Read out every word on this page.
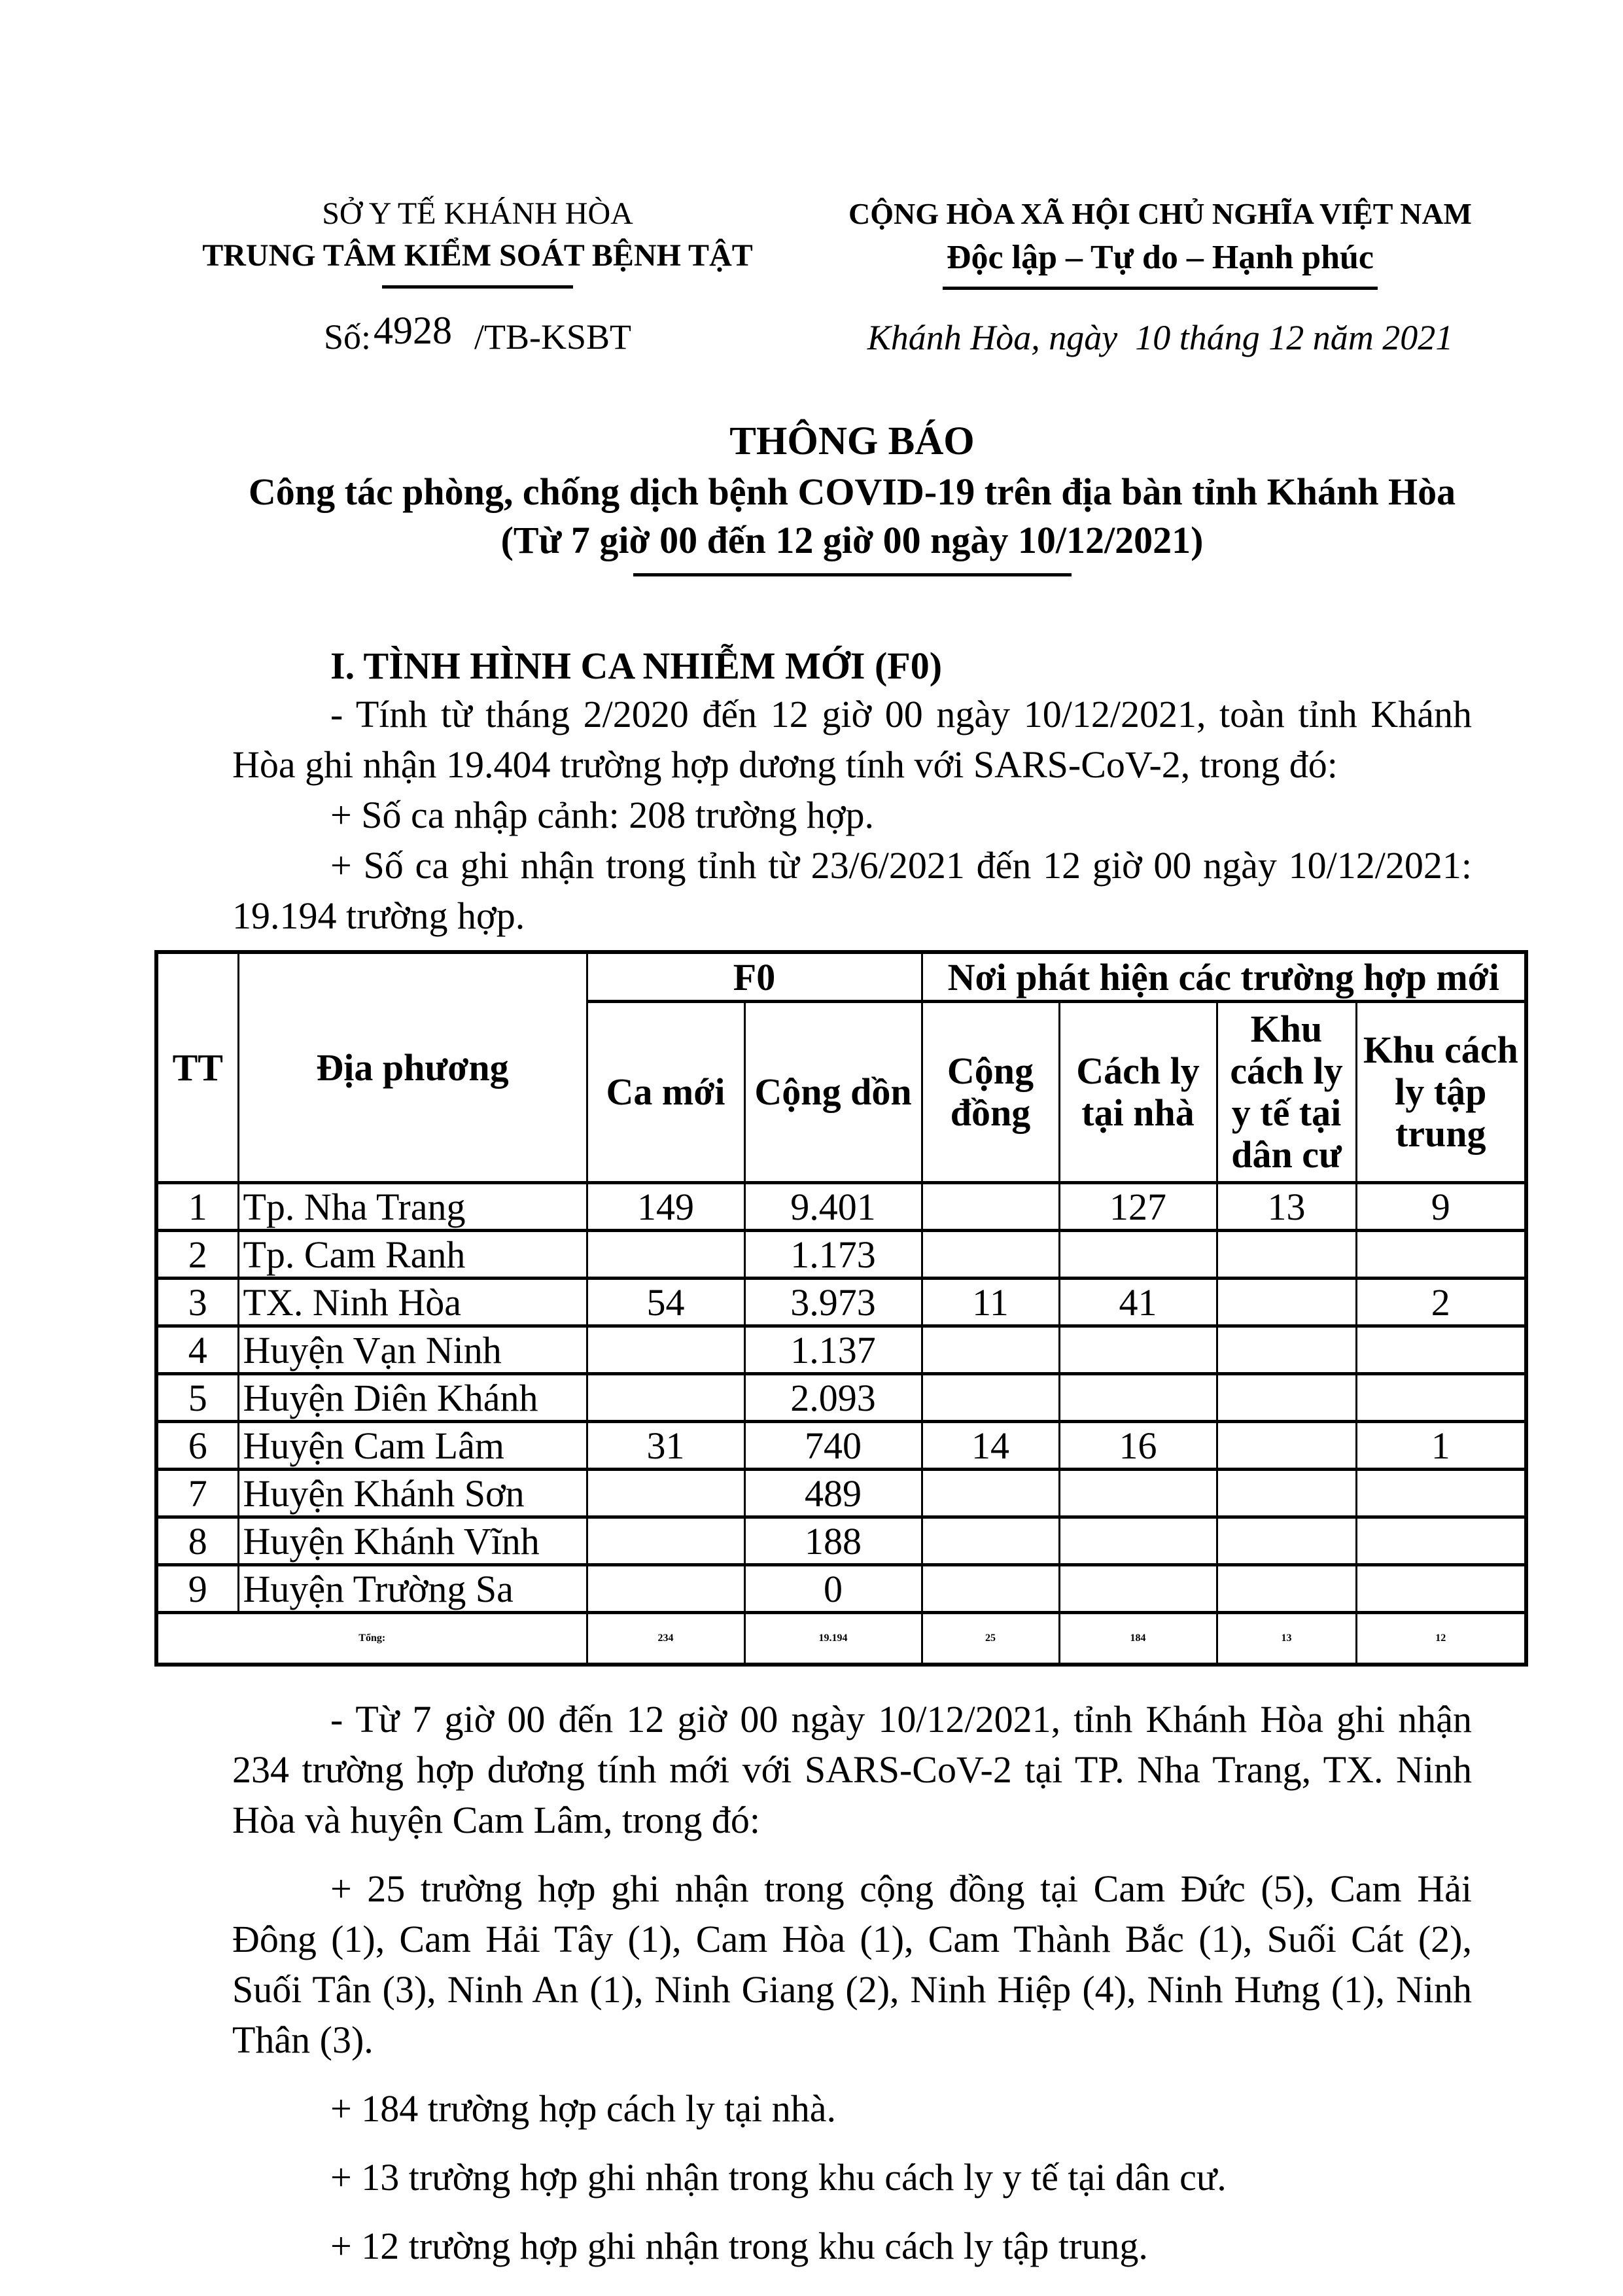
SỞ Y TẾ KHÁNH HÒA
TRUNG TÂM KIỂM SOÁT BỆNH TẬT
Số:4928 /TB-KSBT
CỘNG HÒA XÃ HỘI CHỦ NGHĨA VIỆT NAM
Độc lập – Tự do – Hạnh phúc
Khánh Hòa, ngày  10 tháng 12 năm 2021
THÔNG BÁO
Công tác phòng, chống dịch bệnh COVID-19 trên địa bàn tỉnh Khánh Hòa
(Từ 7 giờ 00 đến 12 giờ 00 ngày 10/12/2021)
I. TÌNH HÌNH CA NHIỄM MỚI (F0)

- Tính từ tháng 2/2020 đến 12 giờ 00 ngày 10/12/2021, toàn tỉnh Khánh Hòa ghi nhận 19.404 trường hợp dương tính với SARS-CoV-2, trong đó:

+ Số ca nhập cảnh: 208 trường hợp.

+ Số ca ghi nhận trong tỉnh từ 23/6/2021 đến 12 giờ 00 ngày 10/12/2021: 19.194 trường hợp.

TT	Địa phương	F0		Nơi phát hiện các trường hợp mới			
		Ca mới	Cộng dồn	Cộng đồng	Cách ly tại nhà	Khu cách ly y tế tại dân cư	Khu cách ly tập trung
1	Tp. Nha Trang	149	9.401		127	13	9
2	Tp. Cam Ranh		1.173				
3	TX. Ninh Hòa	54	3.973	11	41		2
4	Huyện Vạn Ninh		1.137				
5	Huyện Diên Khánh		2.093				
6	Huyện Cam Lâm	31	740	14	16		1
7	Huyện Khánh Sơn		489				
8	Huyện Khánh Vĩnh		188				
9	Huyện Trường Sa		0				
Tổng:		234	19.194	25	184	13	12

- Từ 7 giờ 00 đến 12 giờ 00 ngày 10/12/2021, tỉnh Khánh Hòa ghi nhận 234 trường hợp dương tính mới với SARS-CoV-2 tại TP. Nha Trang, TX. Ninh Hòa và huyện Cam Lâm, trong đó:

+ 25 trường hợp ghi nhận trong cộng đồng tại Cam Đức (5), Cam Hải Đông (1), Cam Hải Tây (1), Cam Hòa (1), Cam Thành Bắc (1), Suối Cát (2), Suối Tân (3), Ninh An (1), Ninh Giang (2), Ninh Hiệp (4), Ninh Hưng (1), Ninh Thân (3).

+ 184 trường hợp cách ly tại nhà.

+ 13 trường hợp ghi nhận trong khu cách ly y tế tại dân cư.

+ 12 trường hợp ghi nhận trong khu cách ly tập trung.
